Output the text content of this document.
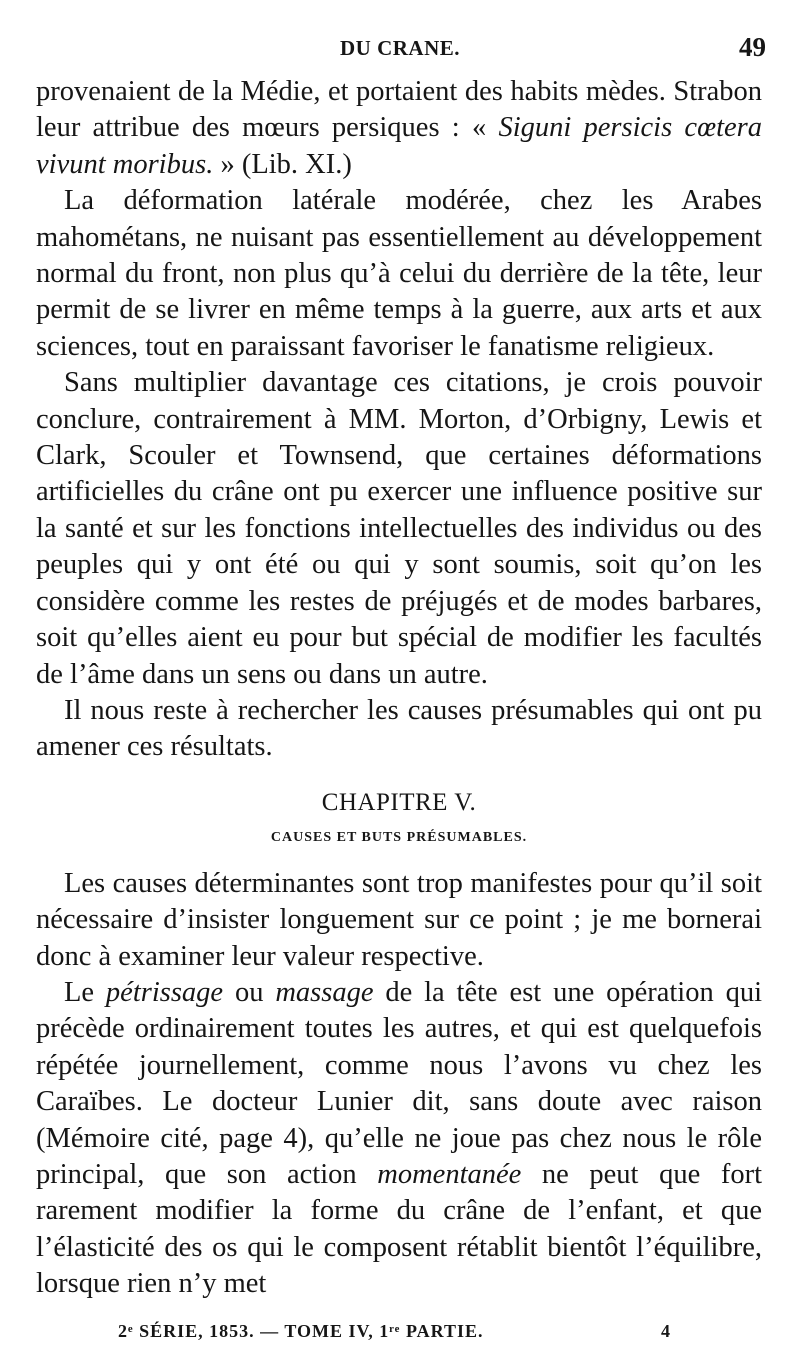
DU CRANE.	49

provenaient de la Médie, et portaient des habits mèdes. Strabon leur attribue des mœurs persiques : « Siguni persicis cœtera vivunt moribus. » (Lib. XI.)

La déformation latérale modérée, chez les Arabes mahométans, ne nuisant pas essentiellement au développement normal du front, non plus qu’à celui du derrière de la tête, leur permit de se livrer en même temps à la guerre, aux arts et aux sciences, tout en paraissant favoriser le fanatisme religieux.

Sans multiplier davantage ces citations, je crois pouvoir conclure, contrairement à MM. Morton, d’Orbigny, Lewis et Clark, Scouler et Townsend, que certaines déformations artificielles du crâne ont pu exercer une influence positive sur la santé et sur les fonctions intellectuelles des individus ou des peuples qui y ont été ou qui y sont soumis, soit qu’on les considère comme les restes de préjugés et de modes barbares, soit qu’elles aient eu pour but spécial de modifier les facultés de l’âme dans un sens ou dans un autre.

Il nous reste à rechercher les causes présumables qui ont pu amener ces résultats.

CHAPITRE V.
CAUSES ET BUTS PRÉSUMABLES.

Les causes déterminantes sont trop manifestes pour qu’il soit nécessaire d’insister longuement sur ce point ; je me bornerai donc à examiner leur valeur respective.

Le pétrissage ou massage de la tête est une opération qui précède ordinairement toutes les autres, et qui est quelquefois répétée journellement, comme nous l’avons vu chez les Caraïbes. Le docteur Lunier dit, sans doute avec raison (Mémoire cité, page 4), qu’elle ne joue pas chez nous le rôle principal, que son action momentanée ne peut que fort rarement modifier la forme du crâne de l’enfant, et que l’élasticité des os qui le composent rétablit bientôt l’équilibre, lorsque rien n’y met

2ᵉ SÉRIE, 1853. — TOME IV, 1ʳᵉ PARTIE.	4
